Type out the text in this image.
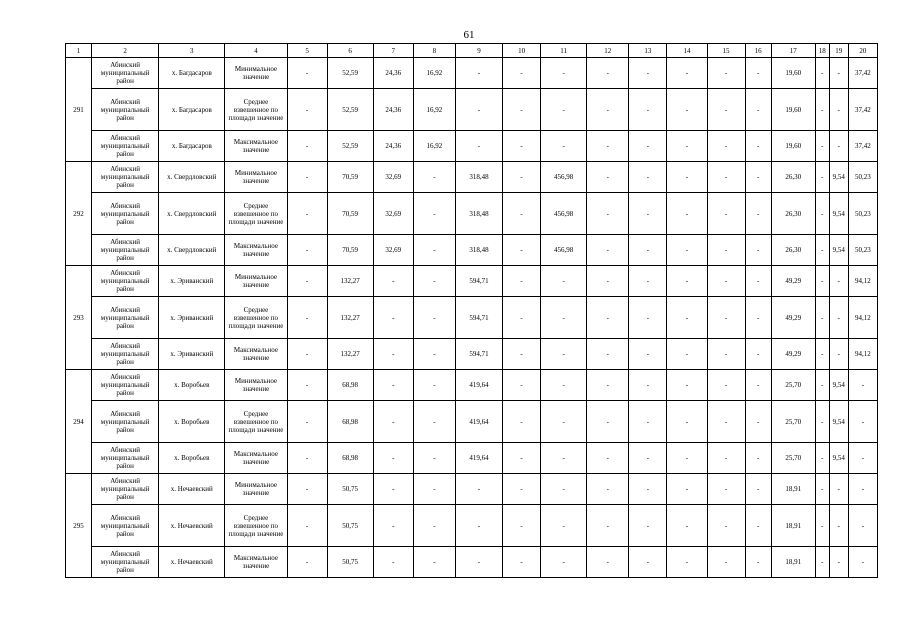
61
1	2	3	4	5	6	7	8	9	10	11	12	13	14	15	16	17	18	19	20
291	Абинский муниципальный район	х. Багдасаров	Минимальное значение	-	52,59	24,36	16,92	-	-	-	-	-	-	-	-	19,60	-	-	37,42
	Абинский муниципальный район	х. Багдасаров	Среднее взвешенное по площади значение	-	52,59	24,36	16,92	-	-	-	-	-	-	-	-	19,60	-	-	37,42
	Абинский муниципальный район	х. Багдасаров	Максимальное значение	-	52,59	24,36	16,92	-	-	-	-	-	-	-	-	19,60	-	-	37,42
292	Абинский муниципальный район	х. Свердловский	Минимальное значение	-	70,59	32,69	-	318,48	-	456,98	-	-	-	-	-	26,30	-	9,54	50,23
	Абинский муниципальный район	х. Свердловский	Среднее взвешенное по площади значение	-	70,59	32,69	-	318,48	-	456,98	-	-	-	-	-	26,30	-	9,54	50,23
	Абинский муниципальный район	х. Свердловский	Максимальное значение	-	70,59	32,69	-	318,48	-	456,98	-	-	-	-	-	26,30	-	9,54	50,23
293	Абинский муниципальный район	х. Эриванский	Минимальное значение	-	132,27	-	-	594,71	-	-	-	-	-	-	-	49,29	-	-	94,12
	Абинский муниципальный район	х. Эриванский	Среднее взвешенное по площади значение	-	132,27	-	-	594,71	-	-	-	-	-	-	-	49,29	-	-	94,12
	Абинский муниципальный район	х. Эриванский	Максимальное значение	-	132,27	-	-	594,71	-	-	-	-	-	-	-	49,29	-	-	94,12
294	Абинский муниципальный район	х. Воробьев	Минимальное значение	-	68,98	-	-	419,64	-	-	-	-	-	-	-	25,70	-	9,54	-
	Абинский муниципальный район	х. Воробьев	Среднее взвешенное по площади значение	-	68,98	-	-	419,64	-	-	-	-	-	-	-	25,70	-	9,54	-
	Абинский муниципальный район	х. Воробьев	Максимальное значение	-	68,98	-	-	419,64	-	-	-	-	-	-	-	25,70	-	9,54	-
295	Абинский муниципальный район	х. Нечаевский	Минимальное значение	-	50,75	-	-	-	-	-	-	-	-	-	-	18,91	-	-	-
	Абинский муниципальный район	х. Нечаевский	Среднее взвешенное по площади значение	-	50,75	-	-	-	-	-	-	-	-	-	-	18,91	-	-	-
	Абинский муниципальный район	х. Нечаевский	Максимальное значение	-	50,75	-	-	-	-	-	-	-	-	-	-	18,91	-	-	-
